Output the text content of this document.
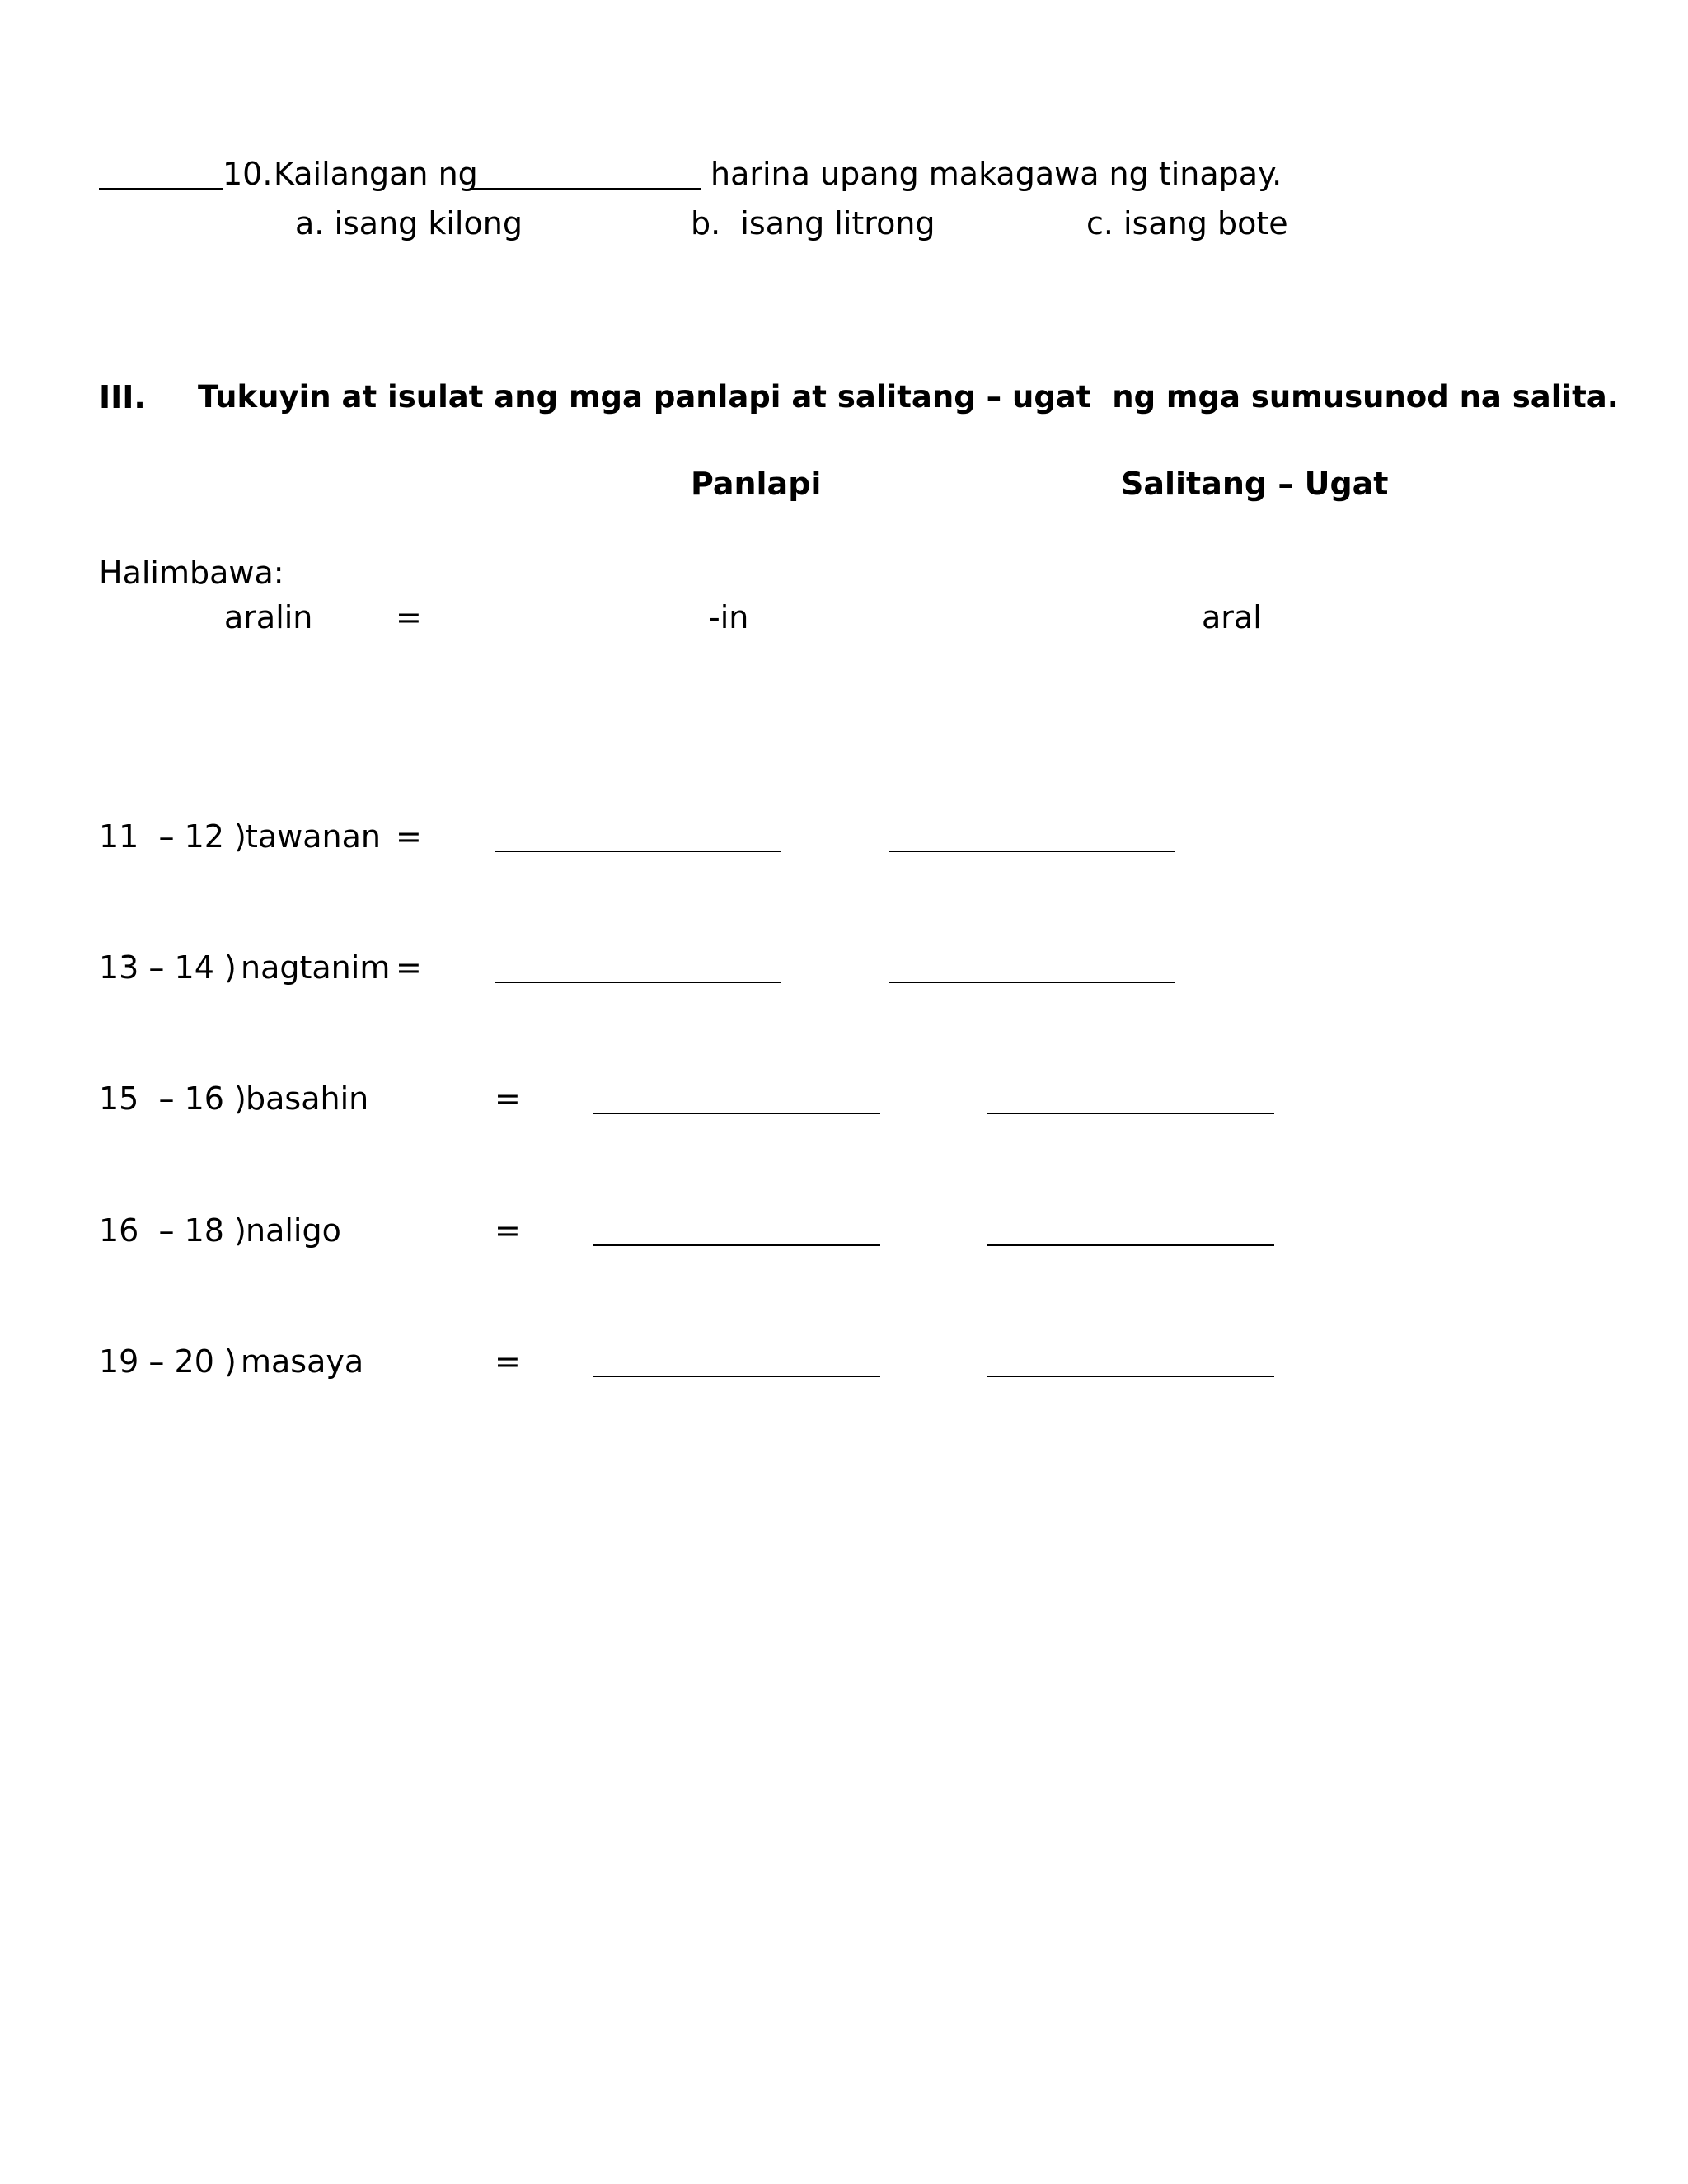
10. Kailangan ng	harina upang makagawa ng tinapay.
a. isang kilong	b.  isang litrong	c. isang bote
III. Tukuyin at isulat ang mga panlapi at salitang – ugat  ng mga sumusunod na salita.
Panlapi	Salitang – Ugat
Halimbawa:
aralin	=	-in	aral
11  – 12 ) tawanan =
13 – 14 ) nagtanim =
15  – 16 ) basahin	=
16  – 18 ) naligo	=
19 – 20 ) masaya	=
